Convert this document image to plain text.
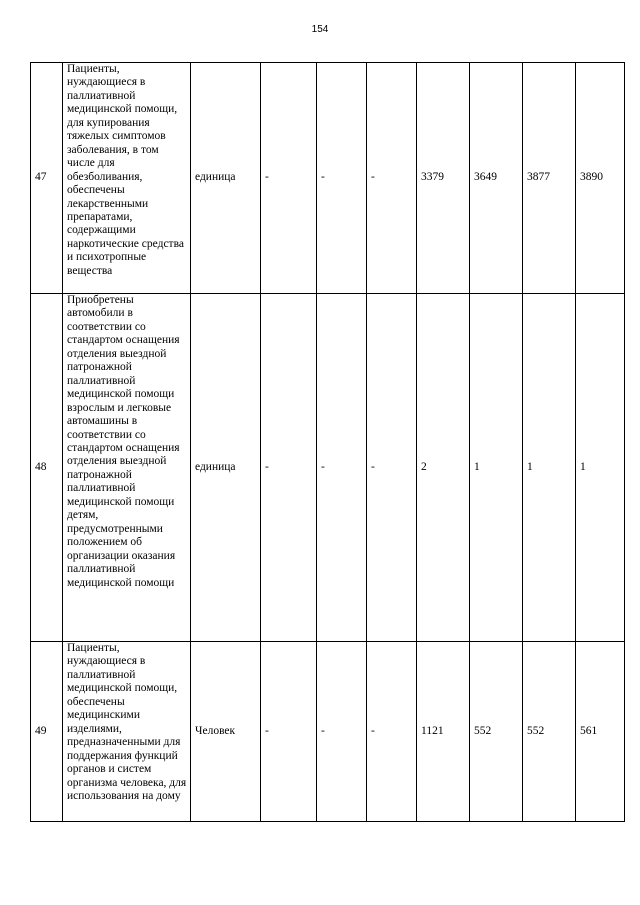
154
47	Пациенты, нуждающиеся в паллиативной медицинской помощи, для купирования тяжелых симптомов заболевания, в том числе для обезболивания, обеспечены лекарственными препаратами, содержащими наркотические средства и психотропные вещества	единица	-	-	-	3379	3649	3877	3890
48	Приобретены автомобили в соответствии со стандартом оснащения отделения выездной патронажной паллиативной медицинской помощи взрослым и легковые автомашины в соответствии со стандартом оснащения отделения выездной патронажной паллиативной медицинской помощи детям, предусмотренными положением об организации оказания паллиативной медицинской помощи	единица	-	-	-	2	1	1	1
49	Пациенты, нуждающиеся в паллиативной медицинской помощи, обеспечены медицинскими изделиями, предназначенными для поддержания функций органов и систем организма человека, для использования на дому	Человек	-	-	-	1121	552	552	561
